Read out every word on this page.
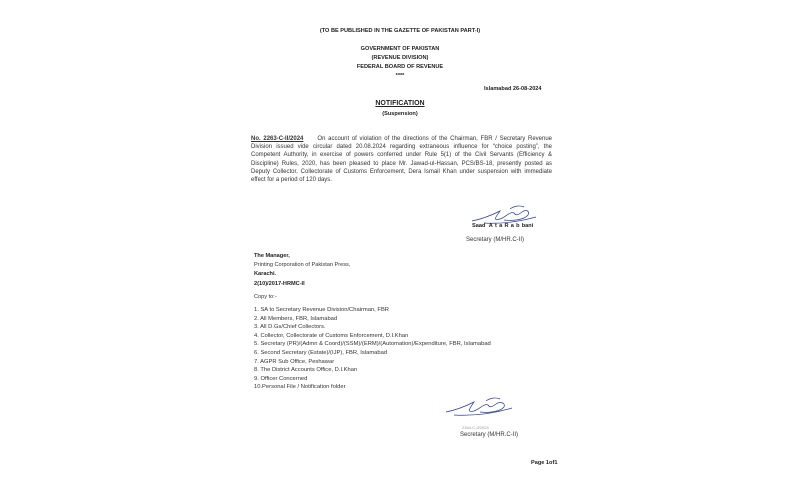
(TO BE PUBLISHED IN THE GAZETTE OF PAKISTAN PART-I)
GOVERNMENT OF PAKISTAN
(REVENUE DIVISION)
FEDERAL BOARD OF REVENUE
****
Islamabad 26-08-2024
NOTIFICATION
(Suspension)
No. 2263-C-II/2024 On account of violation of the directions of the Chairman, FBR / Secretary Revenue Division issued vide circular dated 20.08.2024 regarding extraneous influence for “choice posting”, the Competent Authority, in exercise of powers conferred under Rule 5(1) of the Civil Servants (Efficiency & Discipline) Rules, 2020, has been pleased to place Mr. Jawad-ul-Hassan, PCS/BS-18, presently posted as Deputy Collector, Collectorate of Customs Enforcement, Dera Ismail Khan under suspension with immediate effect for a period of 120 days.
Saad   A  t  a  R  a  b  bani
Secretary (M/HR.C-II)
The Manager,
Printing Corporation of Pakistan Press,
Karachi.
2(10)/2017-HRMC-II
Copy to:-
1. SA to Secretary Revenue Division/Chairman, FBR
2. All Members, FBR, Islamabad
3. All D.Gs/Chief Collectors.
4. Collector, Collectorate of Customs Enforcement, D.I.Khan
5. Secretary (PR)/(Admn & Coord)/(SSM)/(ERM)/(Automation)/Expenditure, FBR, Islamabad
6. Second Secretary (Estate)/(IJP), FBR, Islamabad
7. AGPR Sub Office, Peshawar
8. The District Accounts Office, D.I.Khan
9. Officer Concerned
10.Personal File / Notification folder
2264-C-II/2024
Secretary (M/HR.C-II)
Page 1of1
